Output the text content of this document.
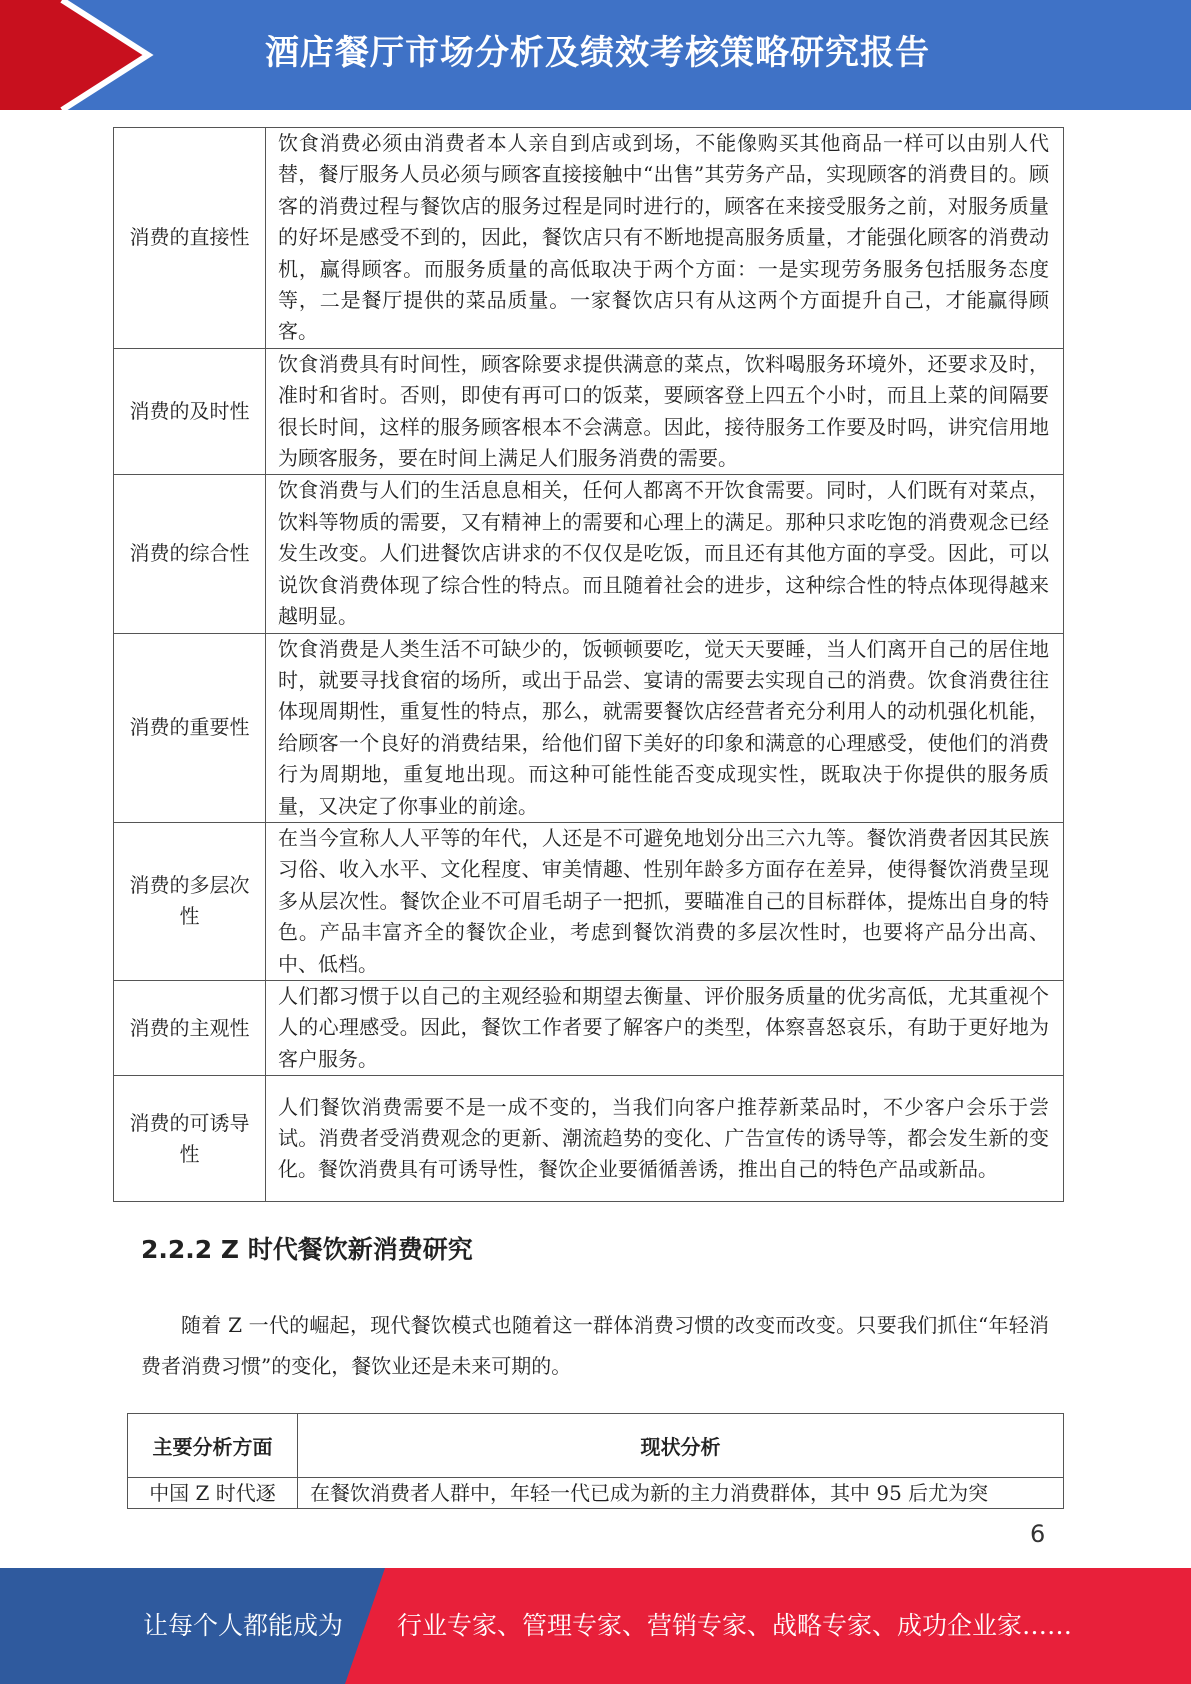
酒店餐厅市场分析及绩效考核策略研究报告
消费的直接性	饮食消费必须由消费者本人亲自到店或到场，不能像购买其他商品一样可以由别人代替，餐厅服务人员必须与顾客直接接触中“出售”其劳务产品，实现顾客的消费目的。顾客的消费过程与餐饮店的服务过程是同时进行的，顾客在来接受服务之前，对服务质量的好坏是感受不到的，因此，餐饮店只有不断地提高服务质量，才能强化顾客的消费动机，赢得顾客。而服务质量的高低取决于两个方面：一是实现劳务服务包括服务态度等，二是餐厅提供的菜品质量。一家餐饮店只有从这两个方面提升自己，才能赢得顾客。
消费的及时性	饮食消费具有时间性，顾客除要求提供满意的菜点，饮料喝服务环境外，还要求及时，准时和省时。否则，即使有再可口的饭菜，要顾客登上四五个小时，而且上菜的间隔要很长时间，这样的服务顾客根本不会满意。因此，接待服务工作要及时吗，讲究信用地为顾客服务，要在时间上满足人们服务消费的需要。
消费的综合性	饮食消费与人们的生活息息相关，任何人都离不开饮食需要。同时，人们既有对菜点，饮料等物质的需要，又有精神上的需要和心理上的满足。那种只求吃饱的消费观念已经发生改变。人们进餐饮店讲求的不仅仅是吃饭，而且还有其他方面的享受。因此，可以说饮食消费体现了综合性的特点。而且随着社会的进步，这种综合性的特点体现得越来越明显。
消费的重要性	饮食消费是人类生活不可缺少的，饭顿顿要吃，觉天天要睡，当人们离开自己的居住地时，就要寻找食宿的场所，或出于品尝、宴请的需要去实现自己的消费。饮食消费往往体现周期性，重复性的特点，那么，就需要餐饮店经营者充分利用人的动机强化机能，给顾客一个良好的消费结果，给他们留下美好的印象和满意的心理感受，使他们的消费行为周期地，重复地出现。而这种可能性能否变成现实性，既取决于你提供的服务质量，又决定了你事业的前途。
消费的多层次性	在当今宣称人人平等的年代，人还是不可避免地划分出三六九等。餐饮消费者因其民族习俗、收入水平、文化程度、审美情趣、性别年龄多方面存在差异，使得餐饮消费呈现多从层次性。餐饮企业不可眉毛胡子一把抓，要瞄准自己的目标群体，提炼出自身的特色。产品丰富齐全的餐饮企业，考虑到餐饮消费的多层次性时，也要将产品分出高、中、低档。
消费的主观性	人们都习惯于以自己的主观经验和期望去衡量、评价服务质量的优劣高低，尤其重视个人的心理感受。因此，餐饮工作者要了解客户的类型，体察喜怒哀乐，有助于更好地为客户服务。
消费的可诱导性	人们餐饮消费需要不是一成不变的，当我们向客户推荐新菜品时，不少客户会乐于尝试。消费者受消费观念的更新、潮流趋势的变化、广告宣传的诱导等，都会发生新的变化。餐饮消费具有可诱导性，餐饮企业要循循善诱，推出自己的特色产品或新品。
2.2.2 Z 时代餐饮新消费研究
随着 Z 一代的崛起，现代餐饮模式也随着这一群体消费习惯的改变而改变。只要我们抓住“年轻消费者消费习惯”的变化，餐饮业还是未来可期的。
主要分析方面	现状分析
中国 Z 时代逐	在餐饮消费者人群中，年轻一代已成为新的主力消费群体，其中 95 后尤为突
6
让每个人都能成为 行业专家、管理专家、营销专家、战略专家、成功企业家……
